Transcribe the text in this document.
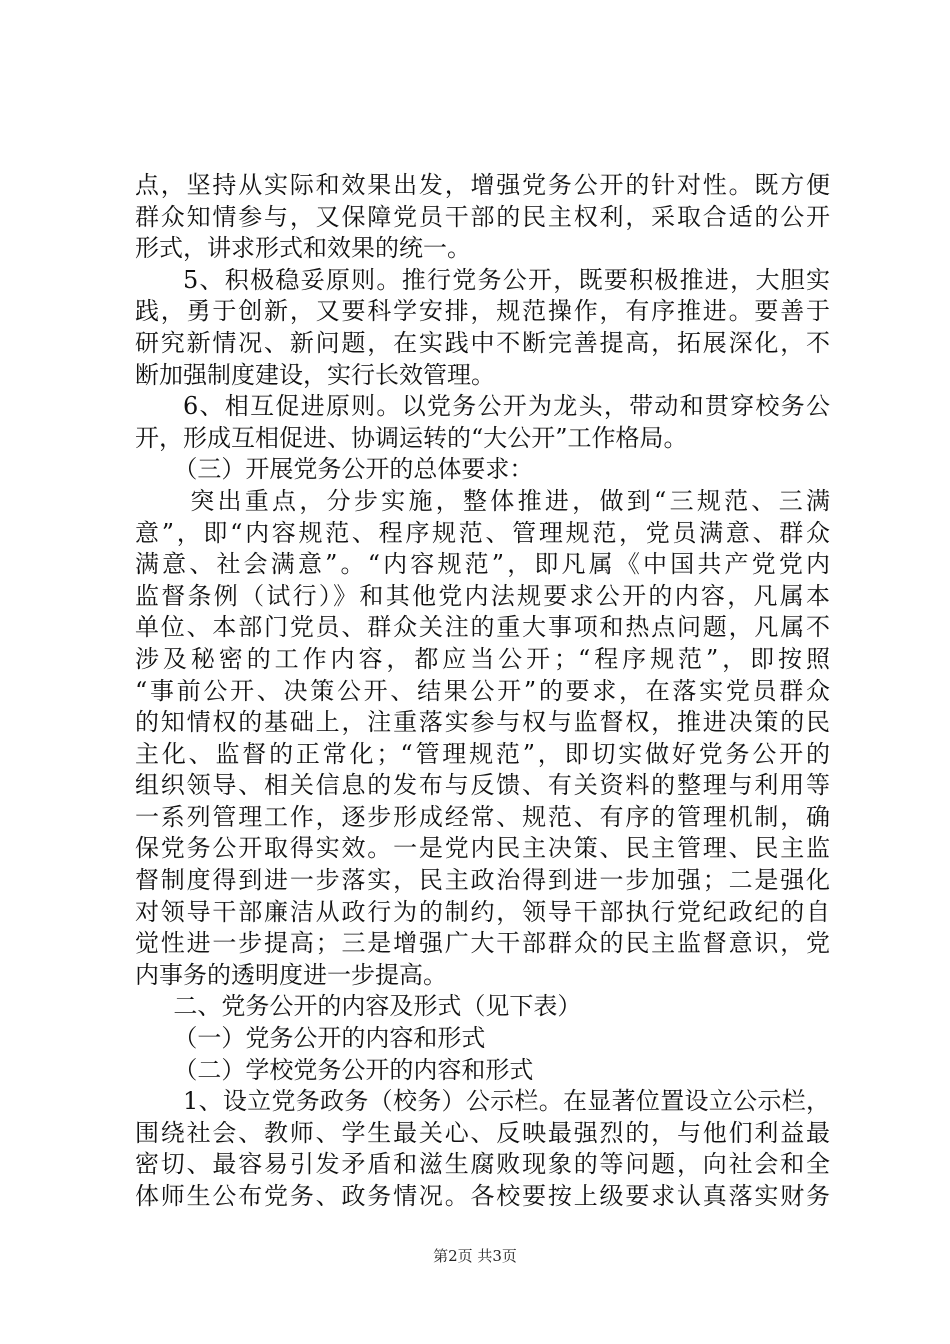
点，坚持从实际和效果出发，增强党务公开的针对性。既方便
群众知情参与，又保障党员干部的民主权利，采取合适的公开
形式，讲求形式和效果的统一。
5、积极稳妥原则。推行党务公开，既要积极推进，大胆实
践，勇于创新，又要科学安排，规范操作，有序推进。要善于
研究新情况、新问题，在实践中不断完善提高，拓展深化，不
断加强制度建设，实行长效管理。
6、相互促进原则。以党务公开为龙头，带动和贯穿校务公
开，形成互相促进、协调运转的“大公开”工作格局。
（三）开展党务公开的总体要求：
突出重点，分步实施，整体推进，做到“三规范、三满
意”，即“内容规范、程序规范、管理规范，党员满意、群众
满意、社会满意”。“内容规范”，即凡属《中国共产党党内
监督条例（试行）》和其他党内法规要求公开的内容，凡属本
单位、本部门党员、群众关注的重大事项和热点问题，凡属不
涉及秘密的工作内容，都应当公开；“程序规范”，即按照
“事前公开、决策公开、结果公开”的要求，在落实党员群众
的知情权的基础上，注重落实参与权与监督权，推进决策的民
主化、监督的正常化；“管理规范”，即切实做好党务公开的
组织领导、相关信息的发布与反馈、有关资料的整理与利用等
一系列管理工作，逐步形成经常、规范、有序的管理机制，确
保党务公开取得实效。一是党内民主决策、民主管理、民主监
督制度得到进一步落实，民主政治得到进一步加强；二是强化
对领导干部廉洁从政行为的制约，领导干部执行党纪政纪的自
觉性进一步提高；三是增强广大干部群众的民主监督意识，党
内事务的透明度进一步提高。
二、党务公开的内容及形式（见下表）
（一）党务公开的内容和形式
（二）学校党务公开的内容和形式
1、设立党务政务（校务）公示栏。在显著位置设立公示栏，
围绕社会、教师、学生最关心、反映最强烈的，与他们利益最
密切、最容易引发矛盾和滋生腐败现象的等问题，向社会和全
体师生公布党务、政务情况。各校要按上级要求认真落实财务
第2页 共3页
